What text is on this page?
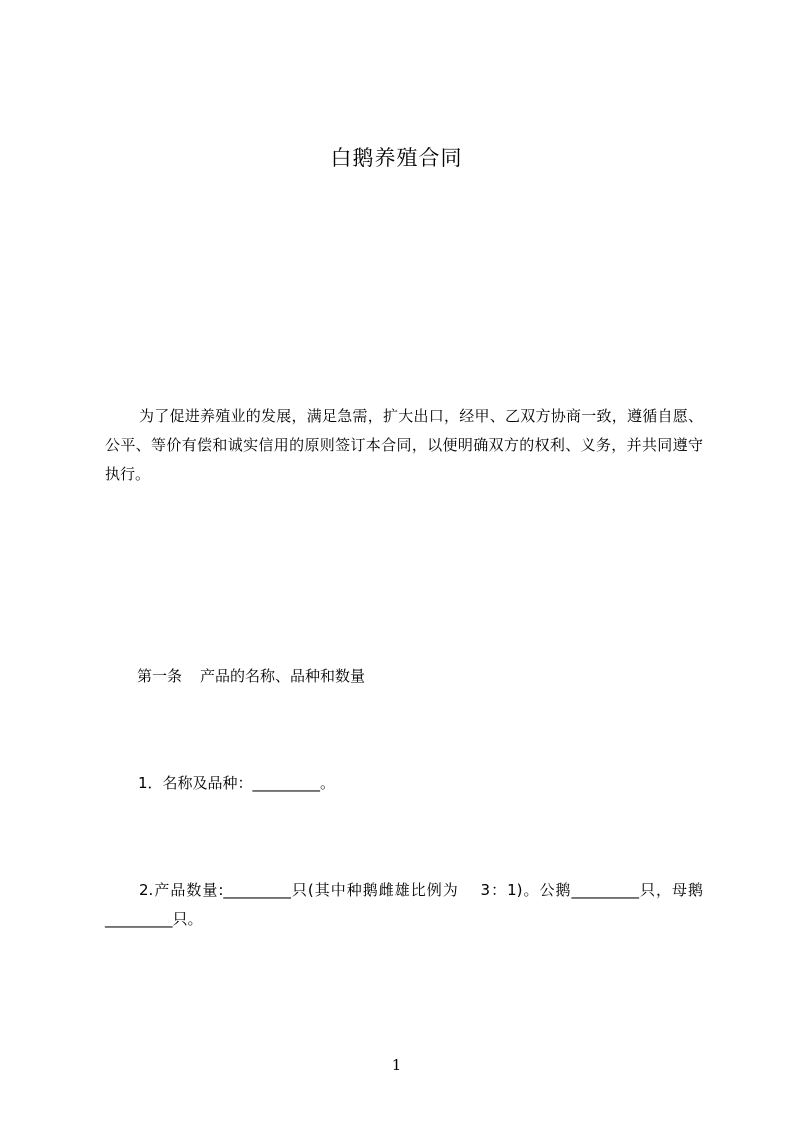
白鹅养殖合同
为了促进养殖业的发展，满足急需，扩大出口，经甲、乙双方协商一致，遵循自愿、公平、等价有偿和诚实信用的原则签订本合同，以便明确双方的权利、义务，并共同遵守执行。
第一条 产品的名称、品种和数量
1．名称及品种：_________。
2.产品数量:_________只(其中种鹅雌雄比例为　 3：1)。公鹅_________只，母鹅_________只。
1
